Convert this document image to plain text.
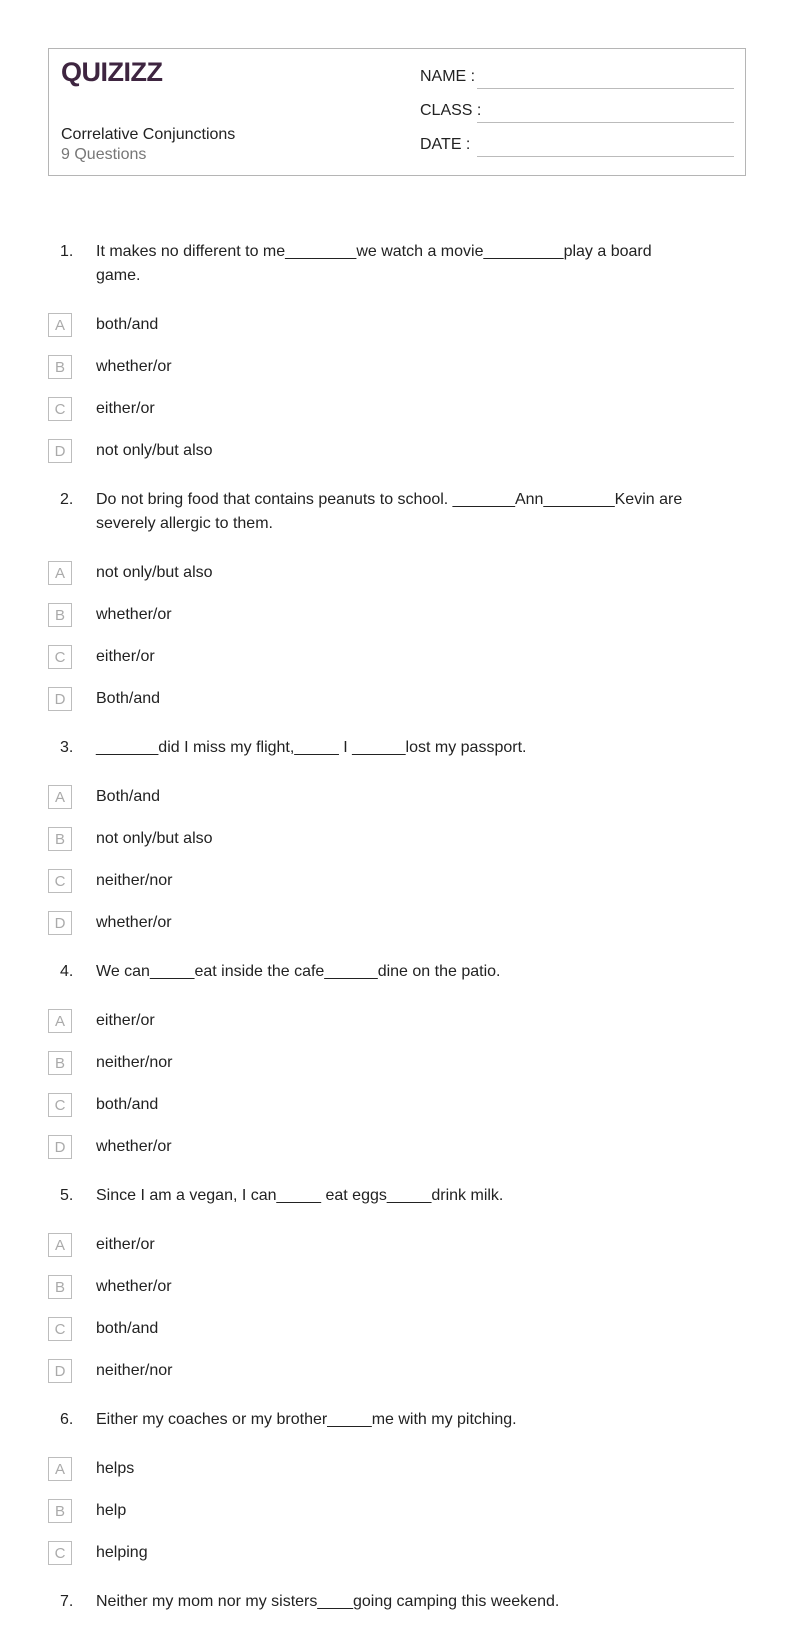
QUIZIZZ
Correlative Conjunctions
9 Questions
NAME :
CLASS :
DATE :
1. It makes no different to me________we watch a movie_________play a board game.
A	both/and
B	whether/or
C	either/or
D	not only/but also
2. Do not bring food that contains peanuts to school. _______Ann________Kevin are severely allergic to them.
A	not only/but also
B	whether/or
C	either/or
D	Both/and
3. _______did I miss my flight,_____ I ______lost my passport.
A	Both/and
B	not only/but also
C	neither/nor
D	whether/or
4. We can_____eat inside the cafe______dine on the patio.
A	either/or
B	neither/nor
C	both/and
D	whether/or
5. Since I am a vegan, I can_____ eat eggs_____drink milk.
A	either/or
B	whether/or
C	both/and
D	neither/nor
6. Either my coaches or my brother_____me with my pitching.
A	helps
B	help
C	helping
7. Neither my mom nor my sisters____going camping this weekend.
